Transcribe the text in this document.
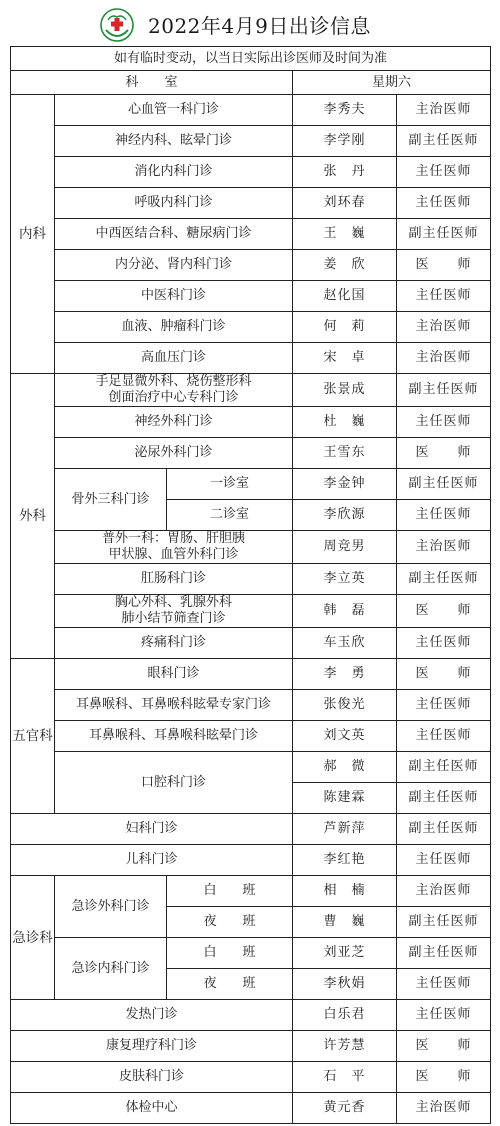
2022年4月9日出诊信息
如有临时变动，以当日实际出诊医师及时间为准				
科　　室			星期六	
内科	心血管一科门诊		李秀夫	主治医师
	神经内科、眩晕门诊		李学刚	副主任医师
	消化内科门诊		张　丹	主任医师
	呼吸内科门诊		刘环春	主任医师
	中西医结合科、糖尿病门诊		王　巍	副主任医师
	内分泌、肾内科门诊		姜　欣	医　　师
	中医科门诊		赵化国	主任医师
	血液、肿瘤科门诊		何　莉	主治医师
	高血压门诊		宋　卓	主治医师
外科	手足显微外科、烧伤整形科
创面治疗中心专科门诊		张景成	副主任医师
	神经外科门诊		杜　巍	主任医师
	泌尿外科门诊		王雪东	医　　师
	骨外三科门诊	一诊室	李金钟	副主任医师
		二诊室	李欣源	主任医师

	普外一科：胃肠、肝胆胰
甲状腺、血管外科门诊		周竞男	主治医师
	肛肠科门诊		李立英	副主任医师

	胸心外科、乳腺外科
肺小结节筛查门诊		韩　磊	医　　师
	疼痛科门诊		车玉欣	主任医师
五官科	眼科门诊		李　勇	医　　师
	耳鼻喉科、耳鼻喉科眩晕专家门诊		张俊光	主任医师
	耳鼻喉科、耳鼻喉科眩晕门诊		刘文英	主任医师
	口腔科门诊		郝　微	副主任医师
			陈建霖	副主任医师
妇科门诊			芦新萍	副主任医师
儿科门诊			李红艳	主任医师
急诊科	急诊外科门诊	白　　班	相　楠	主治医师
		夜　　班	曹　巍	副主任医师
	急诊内科门诊	白　　班	刘亚芝	副主任医师
		夜　　班	李秋娟	主任医师
发热门诊			白乐君	主任医师
康复理疗科门诊			许芳慧	医　　师
皮肤科门诊			石　平	医　　师
体检中心			黄元香	主治医师
